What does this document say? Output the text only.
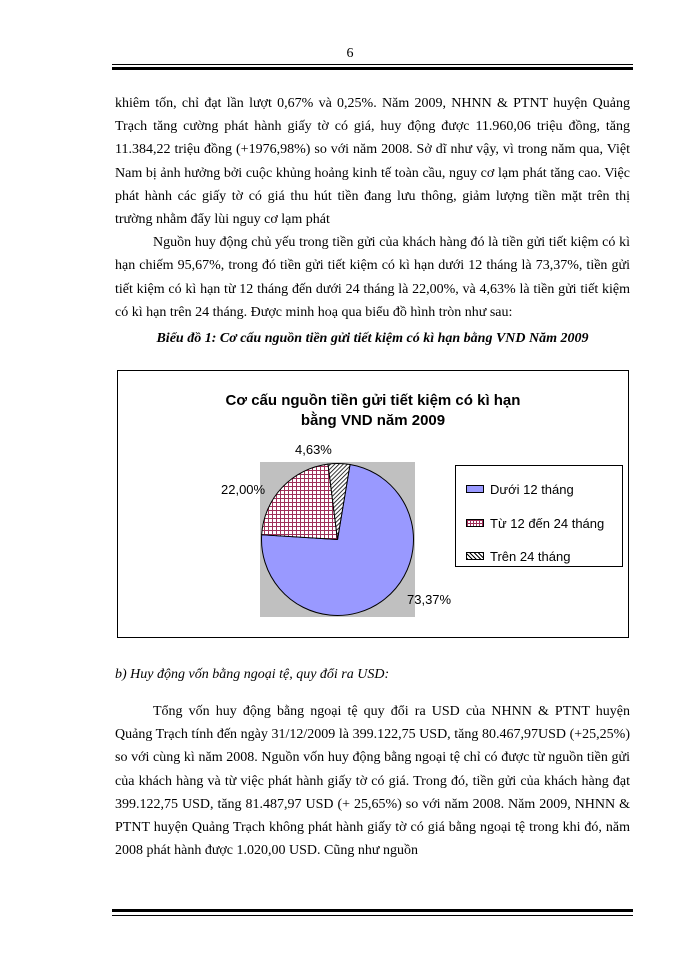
6

khiêm tốn, chỉ đạt lần lượt 0,67% và 0,25%. Năm 2009, NHNN & PTNT huyện Quảng Trạch tăng cường phát hành giấy tờ có giá, huy động được 11.960,06 triệu đồng, tăng 11.384,22 triệu đồng (+1976,98%) so với năm 2008. Sở dĩ như vậy, vì trong năm qua, Việt Nam bị ảnh hưởng bởi cuộc khủng hoảng kinh tế toàn cầu, nguy cơ lạm phát tăng cao. Việc phát hành các giấy tờ có giá thu hút tiền đang lưu thông, giảm lượng tiền mặt trên thị trường nhằm đẩy lùi nguy cơ lạm phát

Nguồn huy động chủ yếu trong tiền gửi của khách hàng đó là tiền gửi tiết kiệm có kì hạn chiếm 95,67%, trong đó tiền gửi tiết kiệm có kì hạn dưới 12 tháng là 73,37%, tiền gửi tiết kiệm có kì hạn từ 12 tháng đến dưới 24 tháng là 22,00%, và 4,63% là tiền gửi tiết kiệm có kì hạn trên 24 tháng. Được minh hoạ qua biểu đồ hình tròn như sau:

Biểu đồ 1: Cơ cấu nguồn tiền gửi tiết kiệm có kì hạn bằng VND Năm 2009
Cơ cấu nguồn tiền gửi tiết kiệm có kì hạn
bằng VND năm 2009
73,37%
22,00%
4,63%
Dưới 12 tháng
Từ 12 đến 24 tháng
Trên 24 tháng
b) Huy động vốn bằng ngoại tệ, quy đổi ra USD:

Tổng vốn huy động bằng ngoại tệ quy đổi ra USD của NHNN & PTNT huyện Quảng Trạch tính đến ngày 31/12/2009 là 399.122,75 USD, tăng 80.467,97USD (+25,25%) so với cùng kì năm 2008. Nguồn vốn huy động bằng ngoại tệ chỉ có được từ nguồn tiền gửi của khách hàng và từ việc phát hành giấy tờ có giá. Trong đó, tiền gửi của khách hàng đạt 399.122,75 USD, tăng 81.487,97 USD (+ 25,65%) so với năm 2008. Năm 2009, NHNN & PTNT huyện Quảng Trạch không phát hành giấy tờ có giá bằng ngoại tệ trong khi đó, năm 2008 phát hành được 1.020,00 USD. Cũng như nguồn
